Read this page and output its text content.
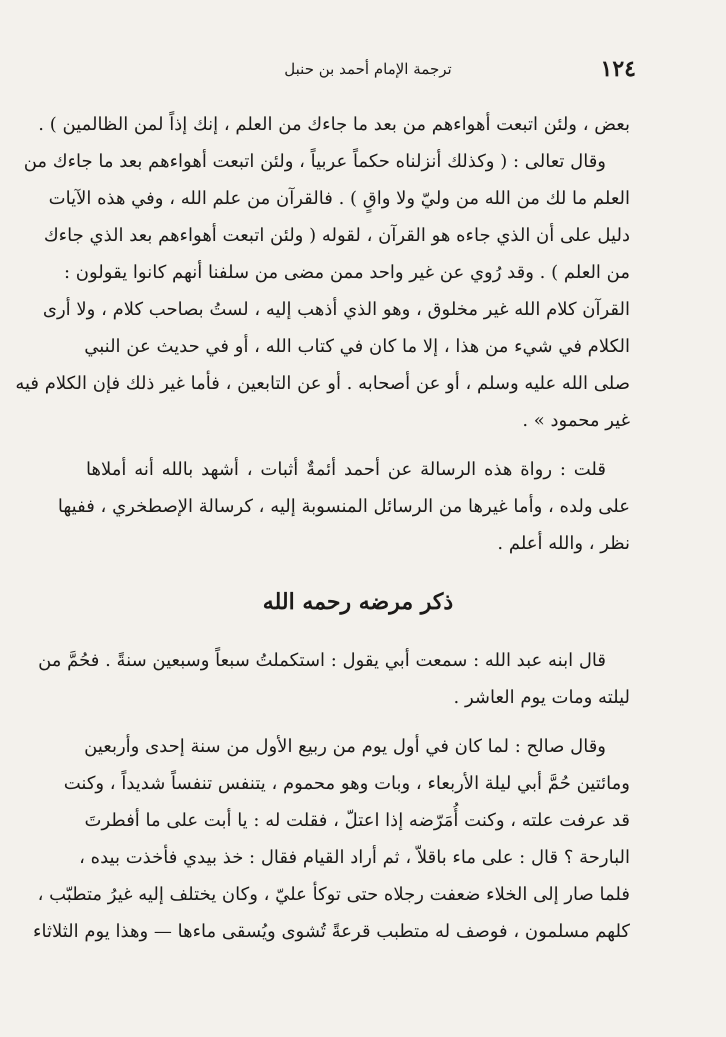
١٢٤
ترجمة الإمام أحمد بن حنبل

بعض ، ولئن اتبعت أهواءهم من بعد ما جاءك من العلم ، إنك إذاً لمن الظالمين ) .
وقال تعالى : ( وكذلك أنزلناه حكماً عربياً ، ولئن اتبعت أهواءهم بعد ما جاءك من
العلم ما لك من الله من وليّ ولا واقٍ ) . فالقرآن من علم الله ، وفي هذه الآيات
دليل على أن الذي جاءه هو القرآن ، لقوله ( ولئن اتبعت أهواءهم بعد الذي جاءك
من العلم ) . وقد رُوي عن غير واحد ممن مضى من سلفنا أنهم كانوا يقولون :
القرآن كلام الله غير مخلوق ، وهو الذي أذهب إليه ، لستُ بصاحب كلام ، ولا أرى
الكلام في شيء من هذا ، إلا ما كان في كتاب الله ، أو في حديث عن النبي
صلى الله عليه وسلم ، أو عن أصحابه . أو عن التابعين ، فأما غير ذلك فإن الكلام فيه
غير محمود » .

قلت : رواة هذه الرسالة عن أحمد أئمةٌ أثبات ، أشهد بالله أنه أملاها
على ولده ، وأما غيرها من الرسائل المنسوبة إليه ، كرسالة الإصطخري ، ففيها
نظر ، والله أعلم .

ذكر مرضه رحمه الله

قال ابنه عبد الله : سمعت أبي يقول : استكملتُ سبعاً وسبعين سنةً . فحُمَّ من
ليلته ومات يوم العاشر .

وقال صالح : لما كان في أول يوم من ربيع الأول من سنة إحدى وأربعين
ومائتين حُمَّ أبي ليلة الأربعاء ، وبات وهو محموم ، يتنفس تنفساً شديداً ، وكنت
قد عرفت علته ، وكنت أُمَرّضه إذا اعتلّ ، فقلت له : يا أبت على ما أفطرتَ
البارحة ؟ قال : على ماء باقلاّ ، ثم أراد القيام فقال : خذ بيدي فأخذت بيده ،
فلما صار إلى الخلاء ضعفت رجلاه حتى توكأ عليّ ، وكان يختلف إليه غيرُ متطبّب ،
كلهم مسلمون ، فوصف له متطبب قرعةً تُشوى ويُسقى ماءها — وهذا يوم الثلاثاء
